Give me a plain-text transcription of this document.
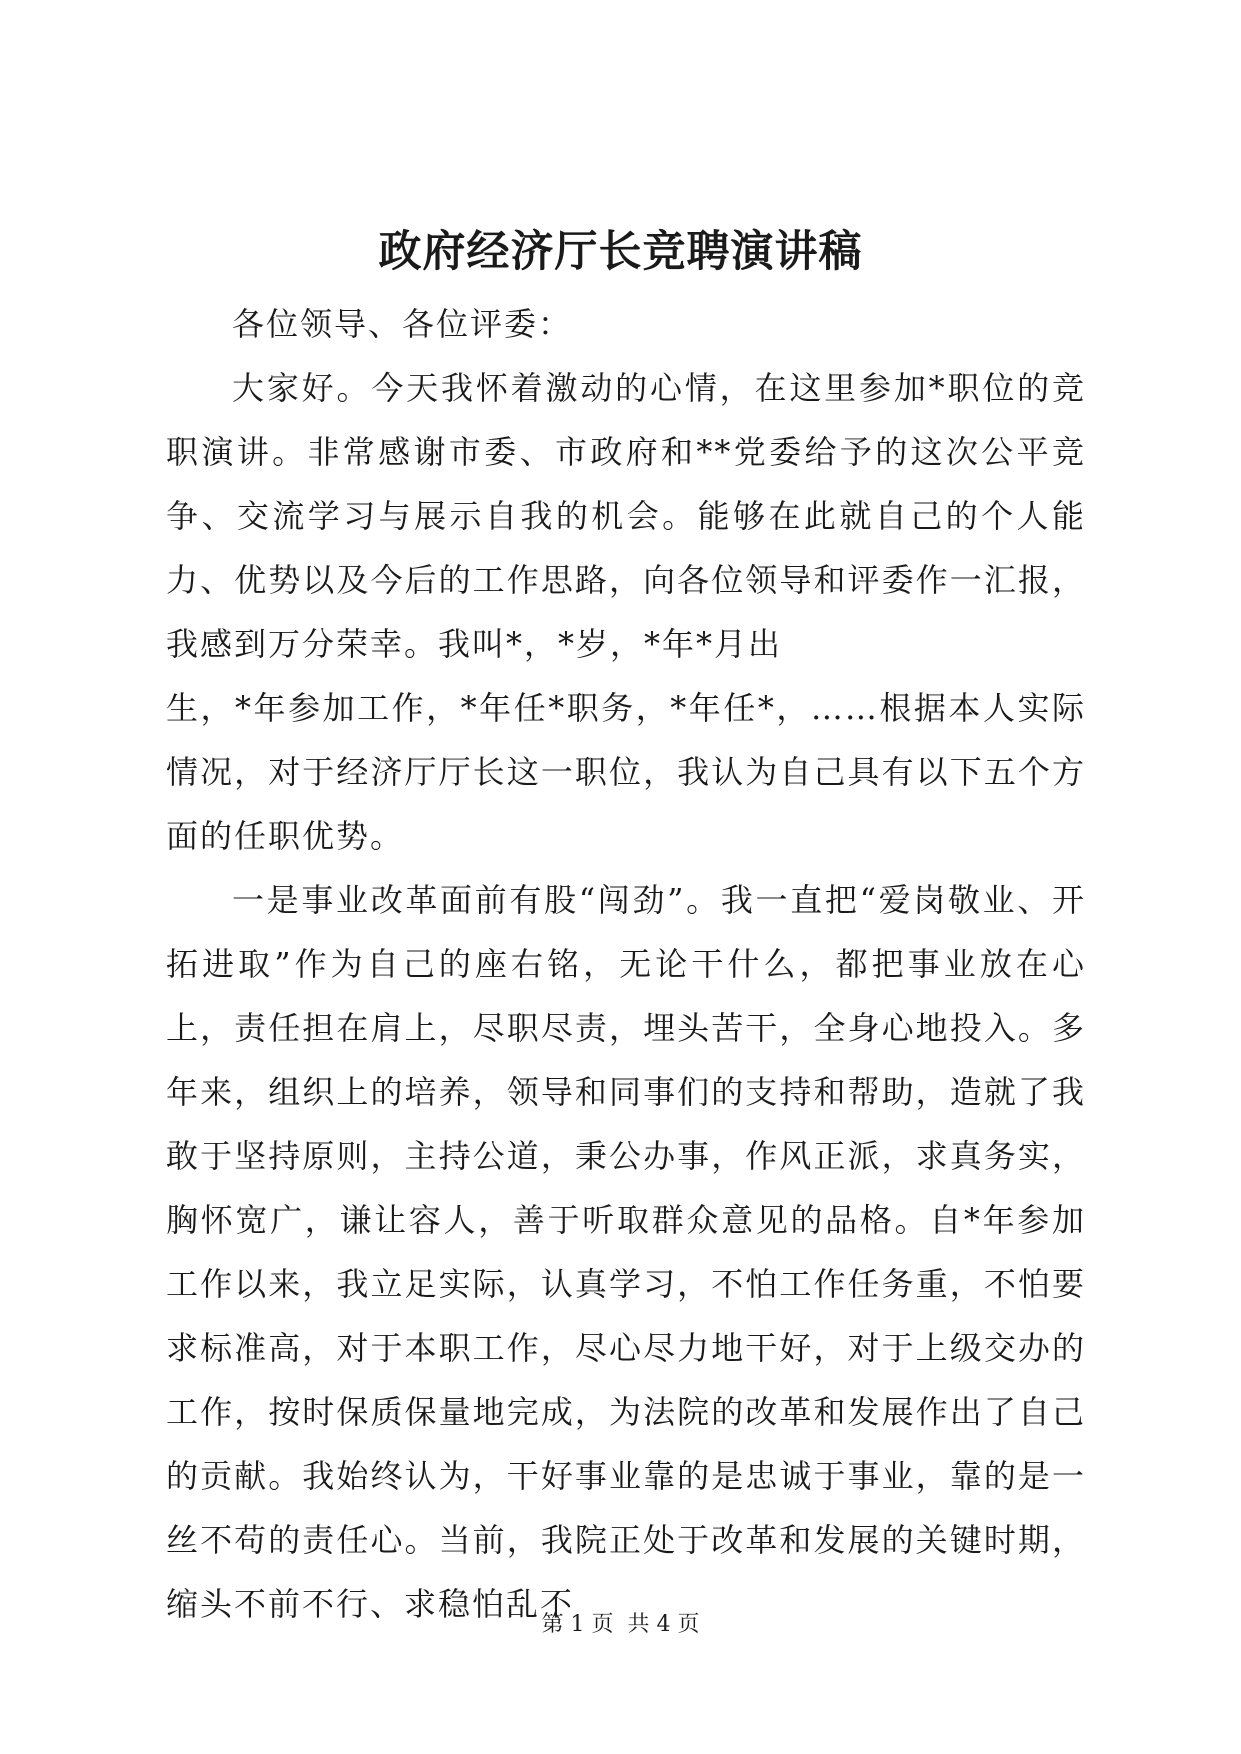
政府经济厅长竞聘演讲稿

各位领导、各位评委：

大家好。今天我怀着激动的心情，在这里参加*职位的竞职演讲。非常感谢市委、市政府和**党委给予的这次公平竞争、交流学习与展示自我的机会。能够在此就自己的个人能力、优势以及今后的工作思路，向各位领导和评委作一汇报，我感到万分荣幸。我叫*，*岁，*年*月出

生，*年参加工作，*年任*职务，*年任*，……根据本人实际情况，对于经济厅厅长这一职位，我认为自己具有以下五个方面的任职优势。

一是事业改革面前有股“闯劲”。我一直把“爱岗敬业、开拓进取”作为自己的座右铭，无论干什么，都把事业放在心上，责任担在肩上，尽职尽责，埋头苦干，全身心地投入。多年来，组织上的培养，领导和同事们的支持和帮助，造就了我敢于坚持原则，主持公道，秉公办事，作风正派，求真务实，胸怀宽广，谦让容人，善于听取群众意见的品格。自*年参加工作以来，我立足实际，认真学习，不怕工作任务重，不怕要求标准高，对于本职工作，尽心尽力地干好，对于上级交办的工作，按时保质保量地完成，为法院的改革和发展作出了自己的贡献。我始终认为，干好事业靠的是忠诚于事业，靠的是一丝不苟的责任心。当前，我院正处于改革和发展的关键时期，缩头不前不行、求稳怕乱不

第 1 页 共 4 页
